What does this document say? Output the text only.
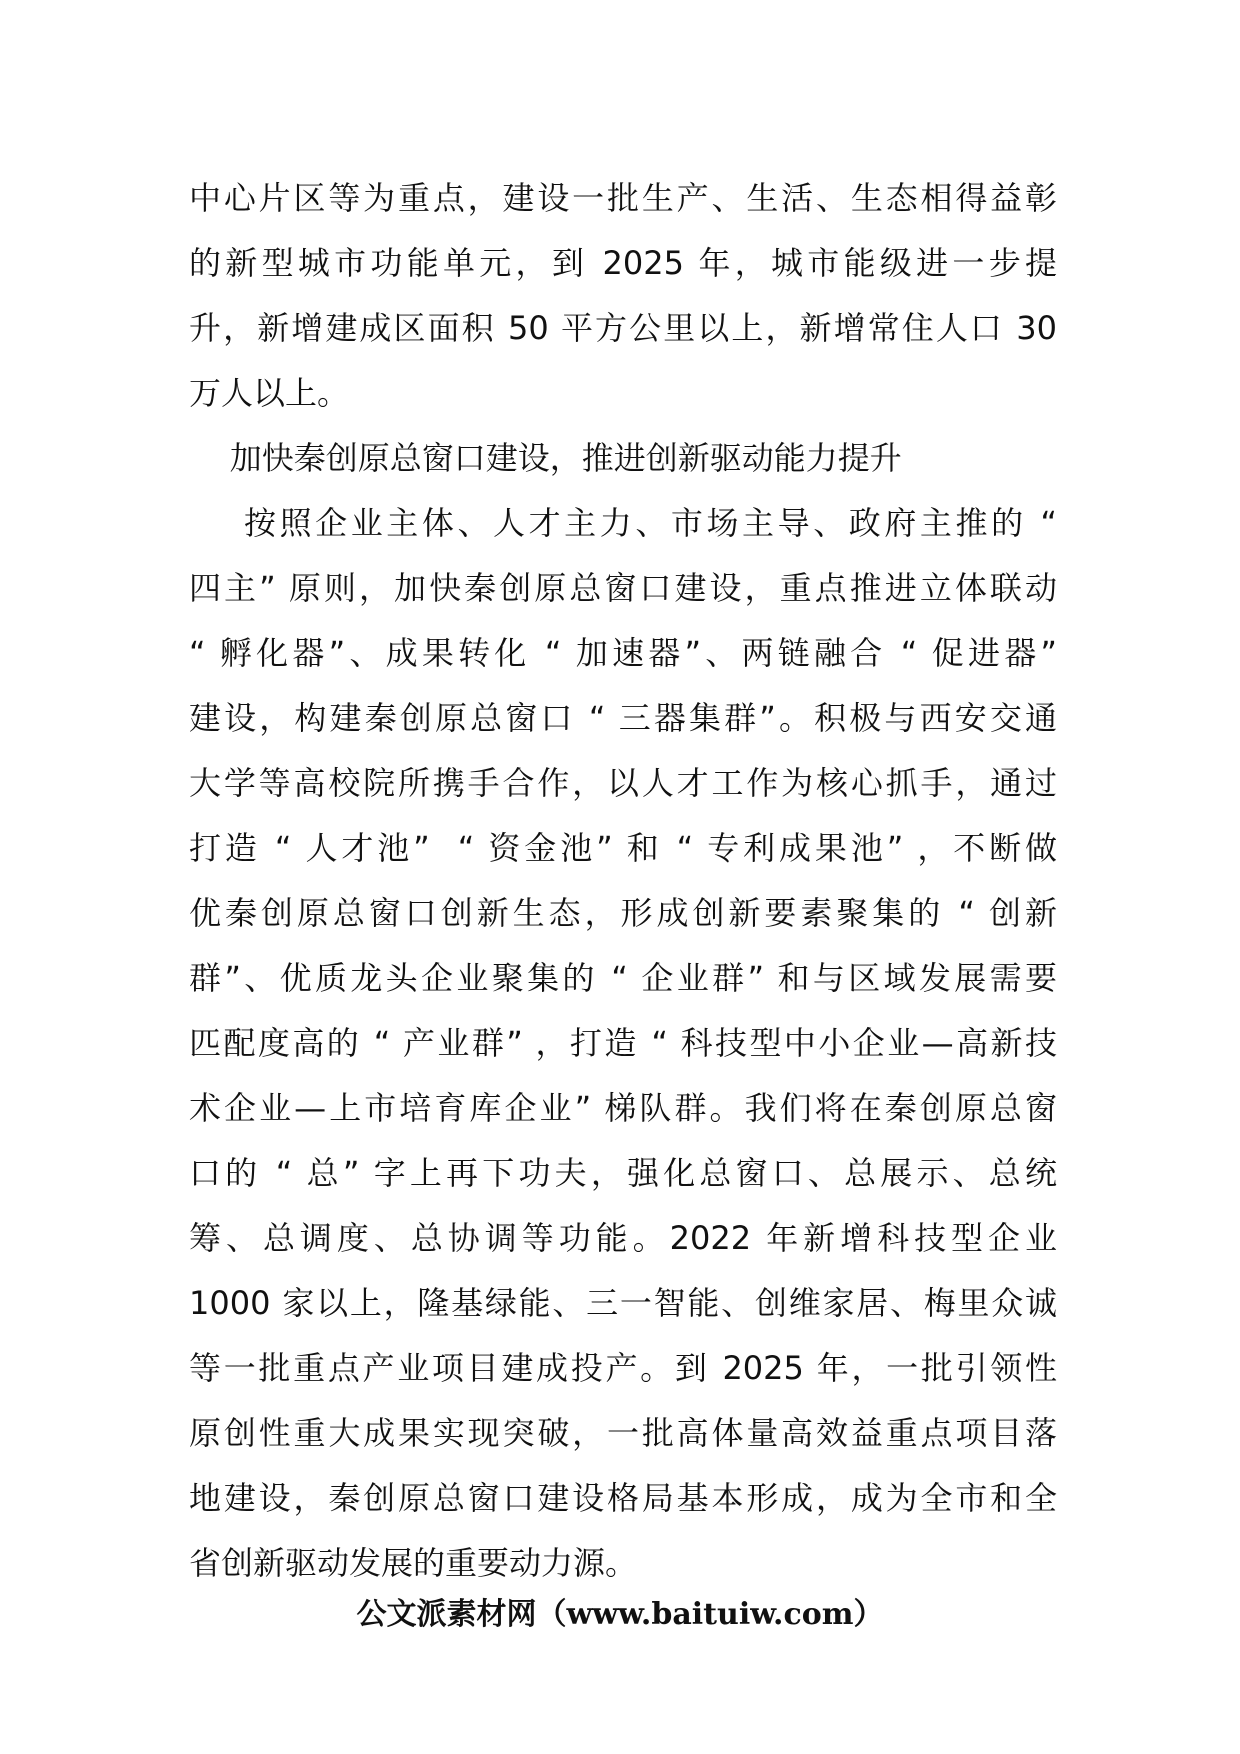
中心片区等为重点，建设一批生产、生活、生态相得益彰
的新型城市功能单元，到 2025 年，城市能级进一步提
升，新增建成区面积 50 平方公里以上，新增常住人口 30
万人以上。
加快秦创原总窗口建设，推进创新驱动能力提升
按照企业主体、人才主力、市场主导、政府主推的 “
四主” 原则，加快秦创原总窗口建设，重点推进立体联动
“ 孵化器”、成果转化 “ 加速器”、两链融合 “ 促进器”
建设，构建秦创原总窗口 “ 三器集群”。积极与西安交通
大学等高校院所携手合作，以人才工作为核心抓手，通过
打造 “ 人才池”  “ 资金池” 和 “ 专利成果池” ，不断做
优秦创原总窗口创新生态，形成创新要素聚集的 “ 创新
群”、优质龙头企业聚集的 “ 企业群” 和与区域发展需要
匹配度高的 “ 产业群” ，打造 “ 科技型中小企业—高新技
术企业—上市培育库企业” 梯队群。我们将在秦创原总窗
口的 “ 总” 字上再下功夫，强化总窗口、总展示、总统
筹、总调度、总协调等功能。2022 年新增科技型企业
1000 家以上，隆基绿能、三一智能、创维家居、梅里众诚
等一批重点产业项目建成投产。到 2025 年，一批引领性
原创性重大成果实现突破，一批高体量高效益重点项目落
地建设，秦创原总窗口建设格局基本形成，成为全市和全
省创新驱动发展的重要动力源。
公文派素材网（www.baituiw.com）
